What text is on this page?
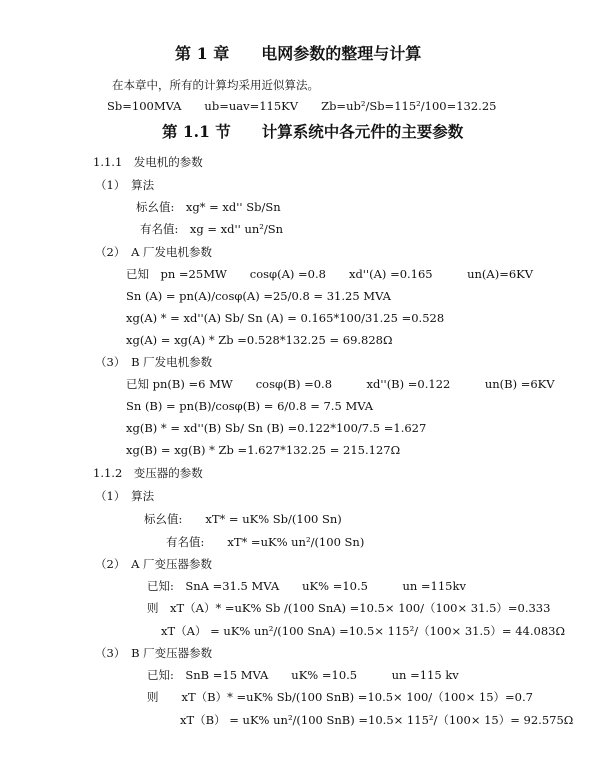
第 1 章　　电网参数的整理与计算
在本章中，所有的计算均采用近似算法。
Sb=100MVA　　ub=uav=115KV　　Zb=ub²/Sb=115²/100=132.25
第 1.1 节　　计算系统中各元件的主要参数
1.1.1　发电机的参数
（1）　算法
标幺值:　xg* = xd'' Sb/Sn
有名值:　xg = xd'' un²/Sn
（2）　A 厂发电机参数
已知　pn =25MW　　cosφ(A) =0.8　　xd''(A) =0.165　　　un(A)=6KV
Sn (A) = pn(A)/cosφ(A) =25/0.8 = 31.25 MVA
xg(A) * = xd''(A) Sb/ Sn (A) = 0.165*100/31.25 =0.528
xg(A) = xg(A) * Zb =0.528*132.25 = 69.828Ω
（3）　B 厂发电机参数
已知 pn(B) =6 MW　　cosφ(B) =0.8　　　xd''(B) =0.122　　　un(B) =6KV
Sn (B) = pn(B)/cosφ(B) = 6/0.8 = 7.5 MVA
xg(B) * = xd''(B) Sb/ Sn (B) =0.122*100/7.5 =1.627
xg(B) = xg(B) * Zb =1.627*132.25 = 215.127Ω
1.1.2　变压器的参数
（1）　算法
标幺值:　　xT* = uK% Sb/(100 Sn)
有名值:　　xT* =uK% un²/(100 Sn)
（2）　A 厂变压器参数
已知:　SnA =31.5 MVA　　uK% =10.5　　　un =115kv
则　xT（A）* =uK% Sb /(100 SnA) =10.5× 100/（100× 31.5）=0.333
xT（A） = uK% un²/(100 SnA) =10.5× 115²/（100× 31.5）= 44.083Ω
（3）　B 厂变压器参数
已知:　SnB =15 MVA　　uK% =10.5　　　un =115 kv
则　　xT（B）* =uK% Sb/(100 SnB) =10.5× 100/（100× 15）=0.7
xT（B） = uK% un²/(100 SnB) =10.5× 115²/（100× 15）= 92.575Ω
